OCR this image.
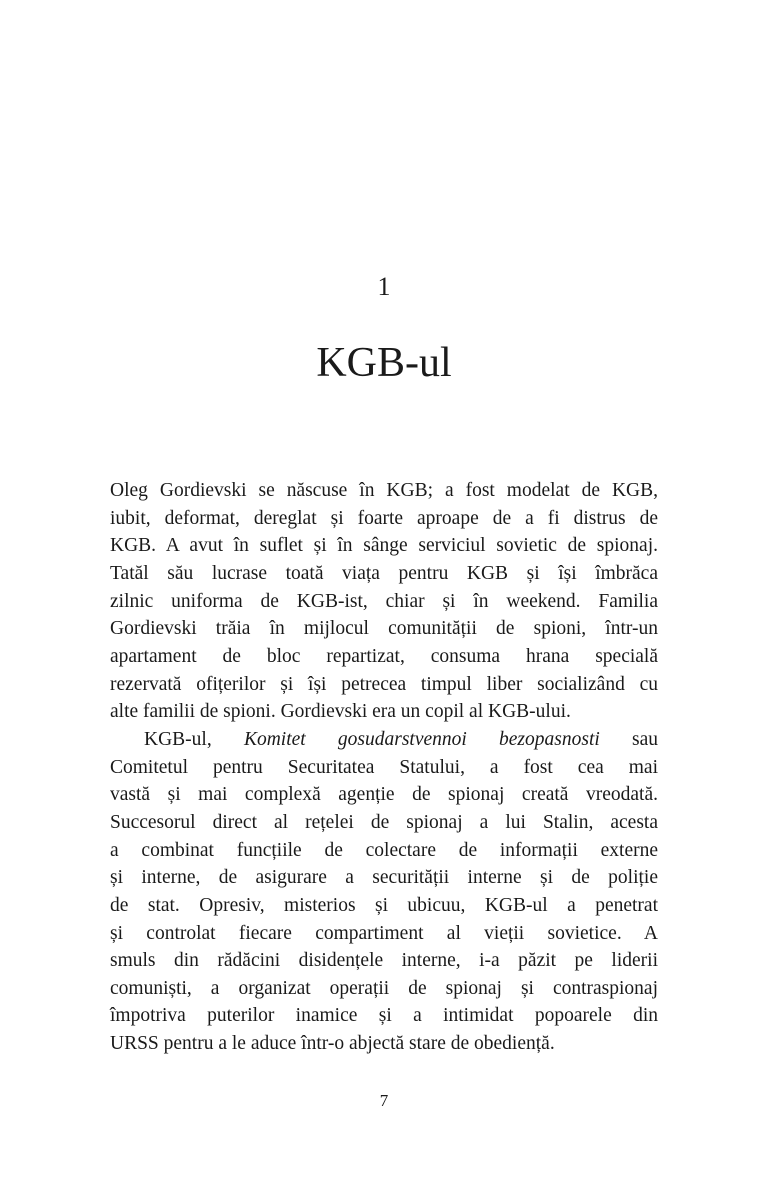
1
KGB-ul
Oleg Gordievski se născuse în KGB; a fost modelat de KGB,
iubit, deformat, dereglat și foarte aproape de a fi distrus de
KGB. A avut în suflet și în sânge serviciul sovietic de spionaj.
Tatăl său lucrase toată viața pentru KGB și își îmbrăca
zilnic uniforma de KGB-ist, chiar și în weekend. Familia
Gordievski trăia în mijlocul comunității de spioni, într-un
apartament de bloc repartizat, consuma hrana specială
rezervată ofițerilor și își petrecea timpul liber socializând cu
alte familii de spioni. Gordievski era un copil al KGB-ului.
KGB-ul, Komitet gosudarstvennoi bezopasnosti sau
Comitetul pentru Securitatea Statului, a fost cea mai
vastă și mai complexă agenție de spionaj creată vreodată.
Succesorul direct al rețelei de spionaj a lui Stalin, acesta
a combinat funcțiile de colectare de informații externe
și interne, de asigurare a securității interne și de poliție
de stat. Opresiv, misterios și ubicuu, KGB-ul a penetrat
și controlat fiecare compartiment al vieții sovietice. A
smuls din rădăcini disidențele interne, i-a păzit pe liderii
comuniști, a organizat operații de spionaj și contraspionaj
împotriva puterilor inamice și a intimidat popoarele din
URSS pentru a le aduce într-o abjectă stare de obediență.
7
